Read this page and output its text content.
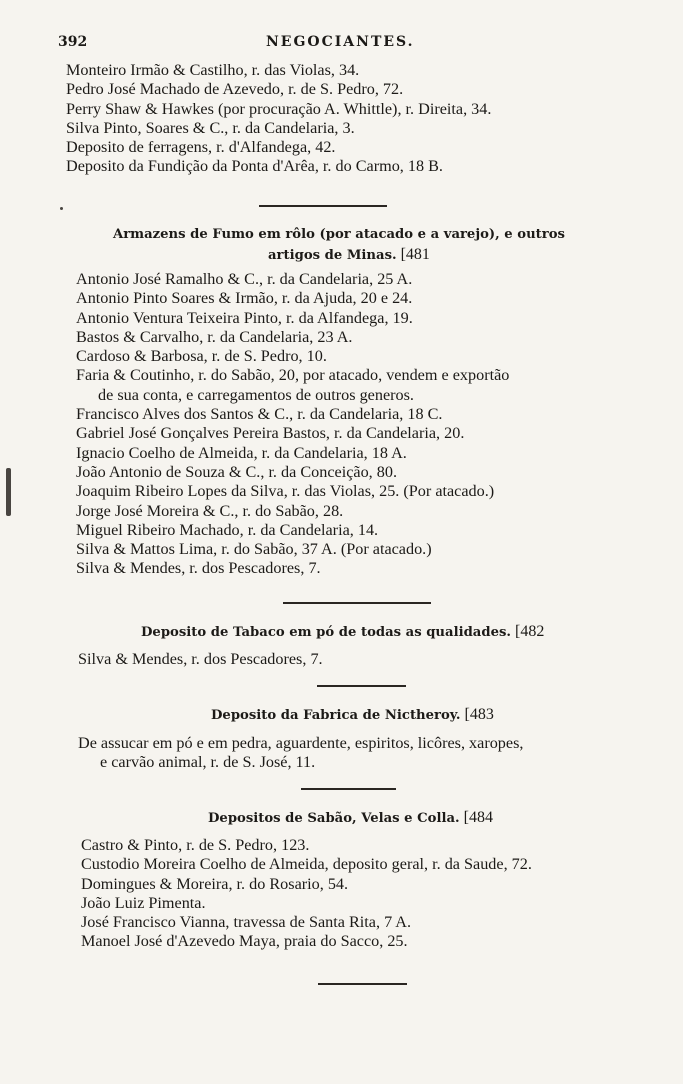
392	NEGOCIANTES.
Monteiro Irmão & Castilho, r. das Violas, 34.
Pedro José Machado de Azevedo, r. de S. Pedro, 72.
Perry Shaw & Hawkes (por procuração A. Whittle), r. Direita, 34.
Silva Pinto, Soares & C., r. da Candelaria, 3.
Deposito de ferragens, r. d'Alfandega, 42.
Deposito da Fundição da Ponta d'Arêa, r. do Carmo, 18 B.
Armazens de Fumo em rôlo (por atacado e a varejo), e outros
artigos de Minas. [481
Antonio José Ramalho & C., r. da Candelaria, 25 A.
Antonio Pinto Soares & Irmão, r. da Ajuda, 20 e 24.
Antonio Ventura Teixeira Pinto, r. da Alfandega, 19.
Bastos & Carvalho, r. da Candelaria, 23 A.
Cardoso & Barbosa, r. de S. Pedro, 10.
Faria & Coutinho, r. do Sabão, 20, por atacado, vendem e exportão
de sua conta, e carregamentos de outros generos.
Francisco Alves dos Santos & C., r. da Candelaria, 18 C.
Gabriel José Gonçalves Pereira Bastos, r. da Candelaria, 20.
Ignacio Coelho de Almeida, r. da Candelaria, 18 A.
João Antonio de Souza & C., r. da Conceição, 80.
Joaquim Ribeiro Lopes da Silva, r. das Violas, 25. (Por atacado.)
Jorge José Moreira & C., r. do Sabão, 28.
Miguel Ribeiro Machado, r. da Candelaria, 14.
Silva & Mattos Lima, r. do Sabão, 37 A. (Por atacado.)
Silva & Mendes, r. dos Pescadores, 7.
Deposito de Tabaco em pó de todas as qualidades. [482
Silva & Mendes, r. dos Pescadores, 7.
Deposito da Fabrica de Nictheroy. [483
De assucar em pó e em pedra, aguardente, espiritos, licôres, xaropes,
e carvão animal, r. de S. José, 11.
Depositos de Sabão, Velas e Colla. [484
Castro & Pinto, r. de S. Pedro, 123.
Custodio Moreira Coelho de Almeida, deposito geral, r. da Saude, 72.
Domingues & Moreira, r. do Rosario, 54.
João Luiz Pimenta.
José Francisco Vianna, travessa de Santa Rita, 7 A.
Manoel José d'Azevedo Maya, praia do Sacco, 25.
